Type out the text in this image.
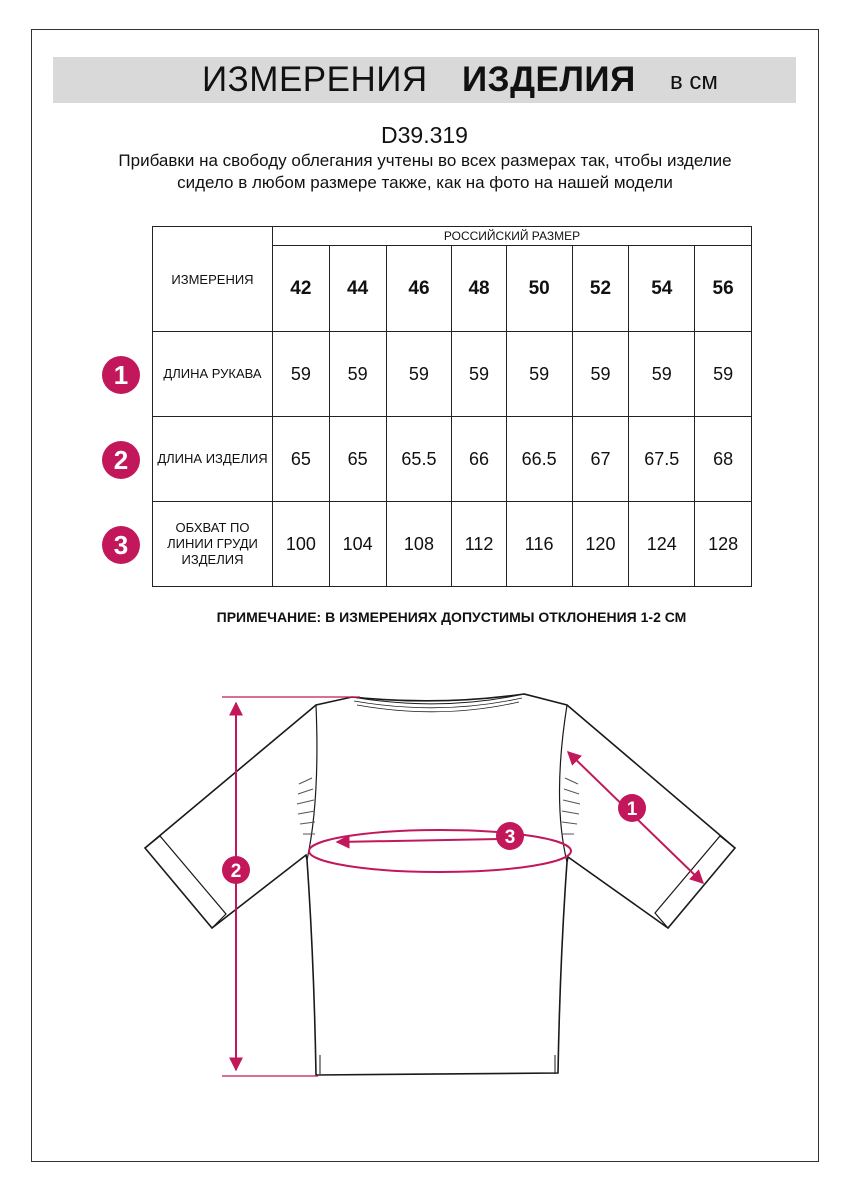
ИЗМЕРЕНИЯ ИЗДЕЛИЯ в см
D39.319
Прибавки на свободу облегания учтены во всех размерах так, чтобы изделие сидело в любом размере также, как на фото на нашей модели
ИЗМЕРЕНИЯ	РОССИЙСКИЙ РАЗМЕР							
	42	44	46	48	50	52	54	56
ДЛИНА РУКАВА	59	59	59	59	59	59	59	59
ДЛИНА ИЗДЕЛИЯ	65	65	65.5	66	66.5	67	67.5	68
ОБХВАТ ПО ЛИНИИ ГРУДИ ИЗДЕЛИЯ	100	104	108	112	116	120	124	128
1
2
3
ПРИМЕЧАНИЕ: В ИЗМЕРЕНИЯХ ДОПУСТИМЫ ОТКЛОНЕНИЯ 1-2 СМ
1
2
3
